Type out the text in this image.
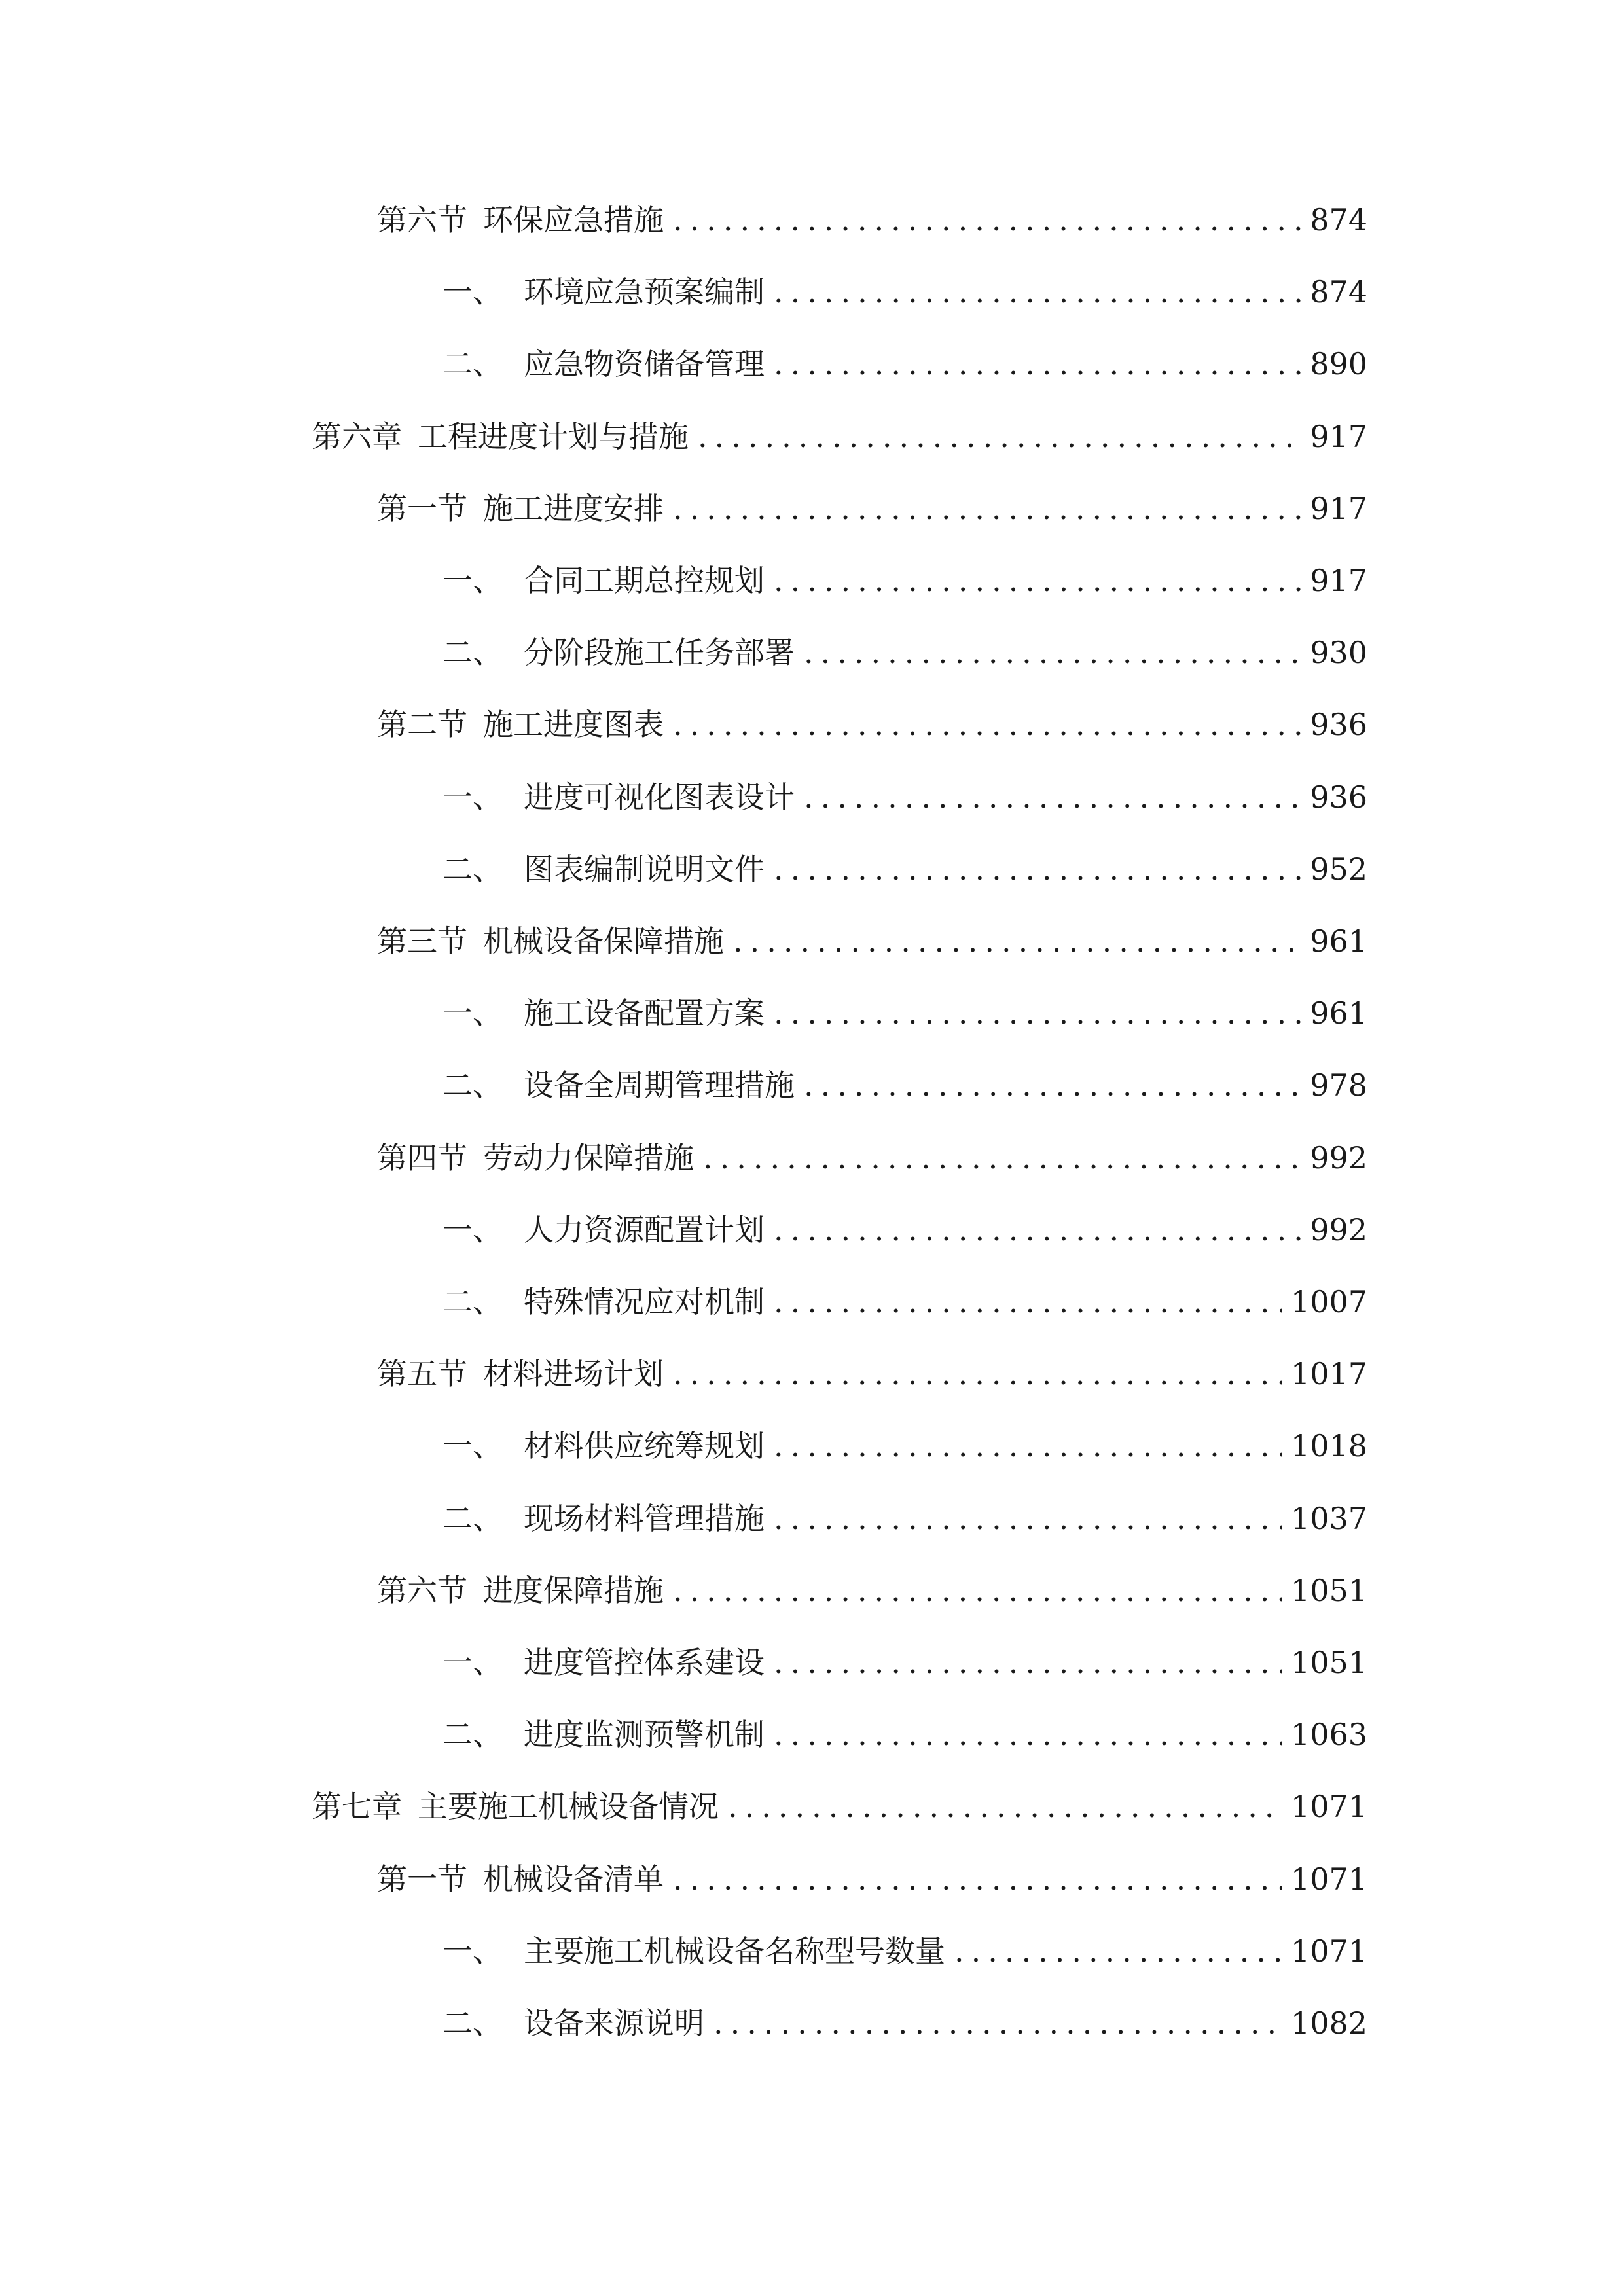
第六节 环保应急措施 .....	874
一、 环境应急预案编制 .....	874
二、 应急物资储备管理 .....	890
第六章 工程进度计划与措施 .....	917
第一节 施工进度安排 .....	917
一、 合同工期总控规划 .....	917
二、 分阶段施工任务部署 .....	930
第二节 施工进度图表 .....	936
一、 进度可视化图表设计 .....	936
二、 图表编制说明文件 .....	952
第三节 机械设备保障措施 .....	961
一、 施工设备配置方案 .....	961
二、 设备全周期管理措施 .....	978
第四节 劳动力保障措施 .....	992
一、 人力资源配置计划 .....	992
二、 特殊情况应对机制 .....	1007
第五节 材料进场计划 .....	1017
一、 材料供应统筹规划 .....	1018
二、 现场材料管理措施 .....	1037
第六节 进度保障措施 .....	1051
一、 进度管控体系建设 .....	1051
二、 进度监测预警机制 .....	1063
第七章 主要施工机械设备情况 .....	1071
第一节 机械设备清单 .....	1071
一、 主要施工机械设备名称型号数量 .....	1071
二、 设备来源说明 .....	1082
